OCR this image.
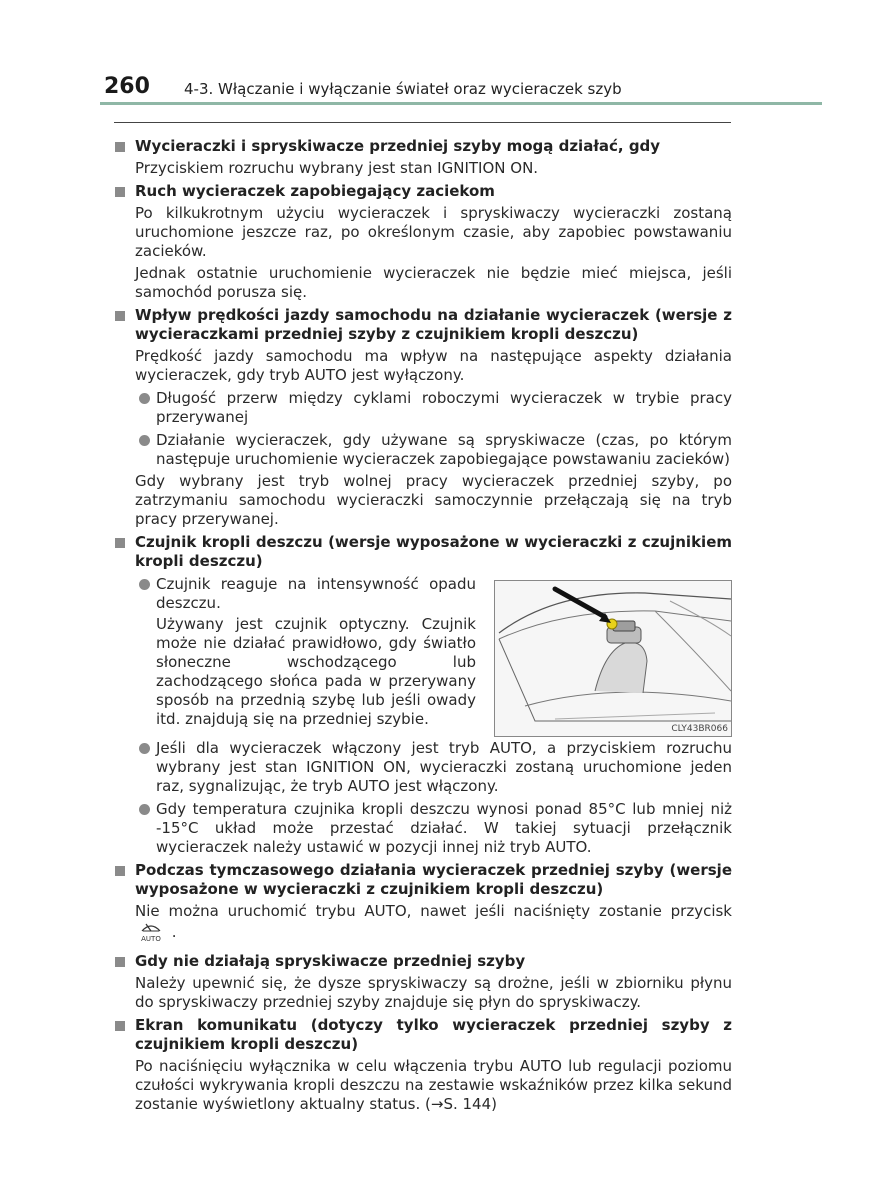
260 4-3. Włączanie i wyłączanie świateł oraz wycieraczek szyb
Wycieraczki i spryskiwacze przedniej szyby mogą działać, gdy
Przyciskiem rozruchu wybrany jest stan IGNITION ON.
Ruch wycieraczek zapobiegający zaciekom
Po kilkukrotnym użyciu wycieraczek i spryskiwaczy wycieraczki zostaną uruchomione jeszcze raz, po określonym czasie, aby zapobiec powstawaniu zacieków.
Jednak ostatnie uruchomienie wycieraczek nie będzie mieć miejsca, jeśli samochód porusza się.
Wpływ prędkości jazdy samochodu na działanie wycieraczek (wersje z wycieraczkami przedniej szyby z czujnikiem kropli deszczu)
Prędkość jazdy samochodu ma wpływ na następujące aspekty działania wycieraczek, gdy tryb AUTO jest wyłączony.
Długość przerw między cyklami roboczymi wycieraczek w trybie pracy przerywanej
Działanie wycieraczek, gdy używane są spryskiwacze (czas, po którym następuje uruchomienie wycieraczek zapobiegające powstawaniu zacieków)
Gdy wybrany jest tryb wolnej pracy wycieraczek przedniej szyby, po zatrzymaniu samochodu wycieraczki samoczynnie przełączają się na tryb pracy przerywanej.
Czujnik kropli deszczu (wersje wyposażone w wycieraczki z czujnikiem kropli deszczu)
Czujnik reaguje na intensywność opadu deszczu.
Używany jest czujnik optyczny. Czujnik może nie działać prawidłowo, gdy światło słoneczne wschodzącego lub zachodzącego słońca pada w przerywany sposób na przednią szybę lub jeśli owady itd. znajdują się na przedniej szybie.
CLY43BR066
Jeśli dla wycieraczek włączony jest tryb AUTO, a przyciskiem rozruchu wybrany jest stan IGNITION ON, wycieraczki zostaną uruchomione jeden raz, sygnalizując, że tryb AUTO jest włączony.
Gdy temperatura czujnika kropli deszczu wynosi ponad 85°C lub mniej niż -15°C układ może przestać działać. W takiej sytuacji przełącznik wycieraczek należy ustawić w pozycji innej niż tryb AUTO.
Podczas tymczasowego działania wycieraczek przedniej szyby (wersje wyposażone w wycieraczki z czujnikiem kropli deszczu)
Nie można uruchomić trybu AUTO, nawet jeśli naciśnięty zostanie przycisk
AUTO .
Gdy nie działają spryskiwacze przedniej szyby
Należy upewnić się, że dysze spryskiwaczy są drożne, jeśli w zbiorniku płynu do spryskiwaczy przedniej szyby znajduje się płyn do spryskiwaczy.
Ekran komunikatu (dotyczy tylko wycieraczek przedniej szyby z czujnikiem kropli deszczu)
Po naciśnięciu wyłącznika w celu włączenia trybu AUTO lub regulacji poziomu czułości wykrywania kropli deszczu na zestawie wskaźników przez kilka sekund zostanie wyświetlony aktualny status. (→S. 144)
